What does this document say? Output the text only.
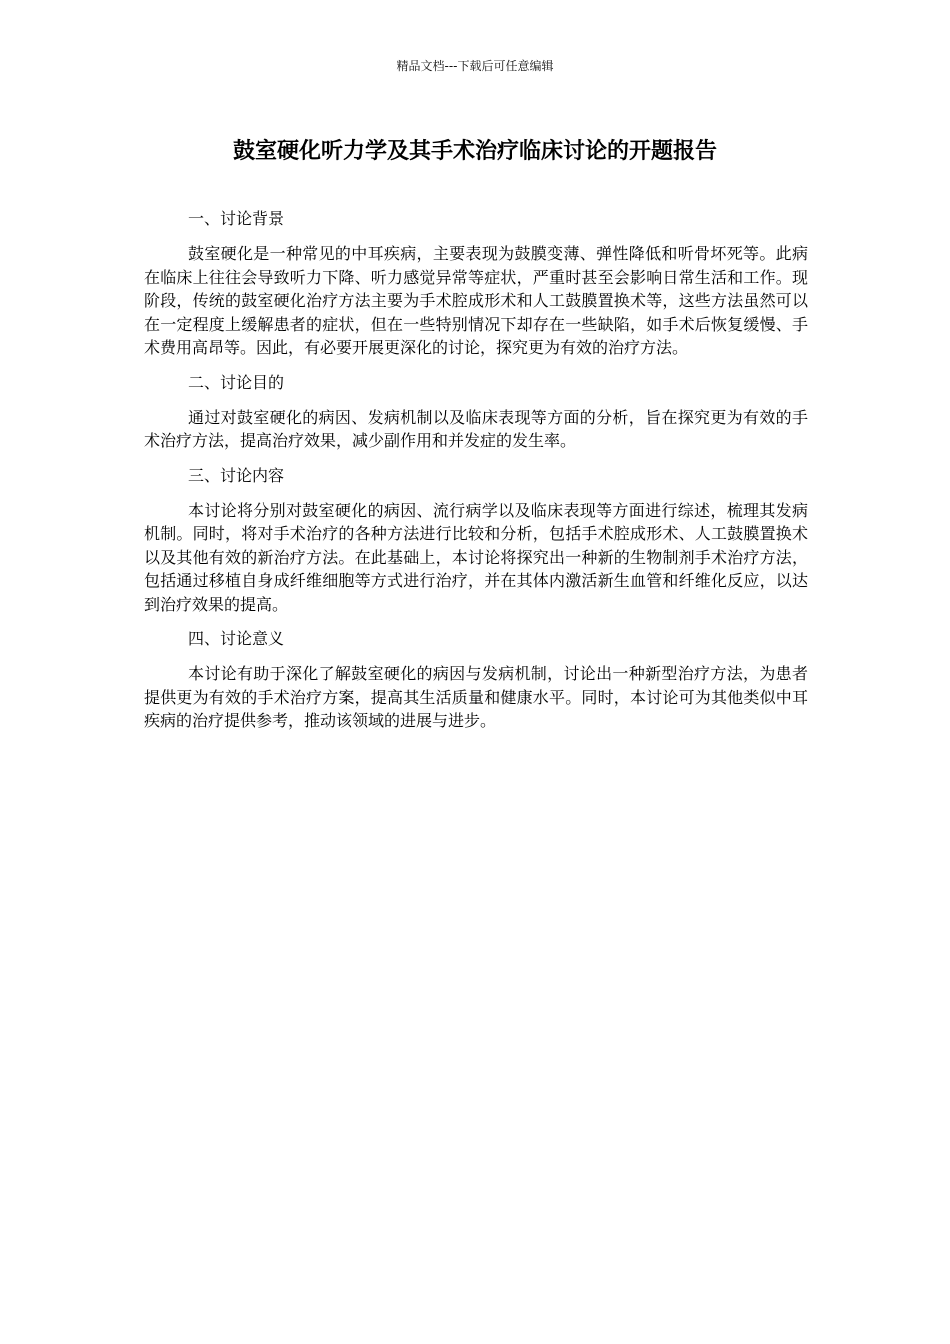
精品文档---下载后可任意编辑
鼓室硬化听力学及其手术治疗临床讨论的开题报告

一、讨论背景

鼓室硬化是一种常见的中耳疾病，主要表现为鼓膜变薄、弹性降低和听骨坏死等。此病在临床上往往会导致听力下降、听力感觉异常等症状，严重时甚至会影响日常生活和工作。现阶段，传统的鼓室硬化治疗方法主要为手术腔成形术和人工鼓膜置换术等，这些方法虽然可以在一定程度上缓解患者的症状，但在一些特别情况下却存在一些缺陷，如手术后恢复缓慢、手术费用高昂等。因此，有必要开展更深化的讨论，探究更为有效的治疗方法。

二、讨论目的

通过对鼓室硬化的病因、发病机制以及临床表现等方面的分析，旨在探究更为有效的手术治疗方法，提高治疗效果，减少副作用和并发症的发生率。

三、讨论内容

本讨论将分别对鼓室硬化的病因、流行病学以及临床表现等方面进行综述，梳理其发病机制。同时，将对手术治疗的各种方法进行比较和分析，包括手术腔成形术、人工鼓膜置换术以及其他有效的新治疗方法。在此基础上，本讨论将探究出一种新的生物制剂手术治疗方法，包括通过移植自身成纤维细胞等方式进行治疗，并在其体内激活新生血管和纤维化反应，以达到治疗效果的提高。

四、讨论意义

本讨论有助于深化了解鼓室硬化的病因与发病机制，讨论出一种新型治疗方法，为患者提供更为有效的手术治疗方案，提高其生活质量和健康水平。同时，本讨论可为其他类似中耳疾病的治疗提供参考，推动该领域的进展与进步。
